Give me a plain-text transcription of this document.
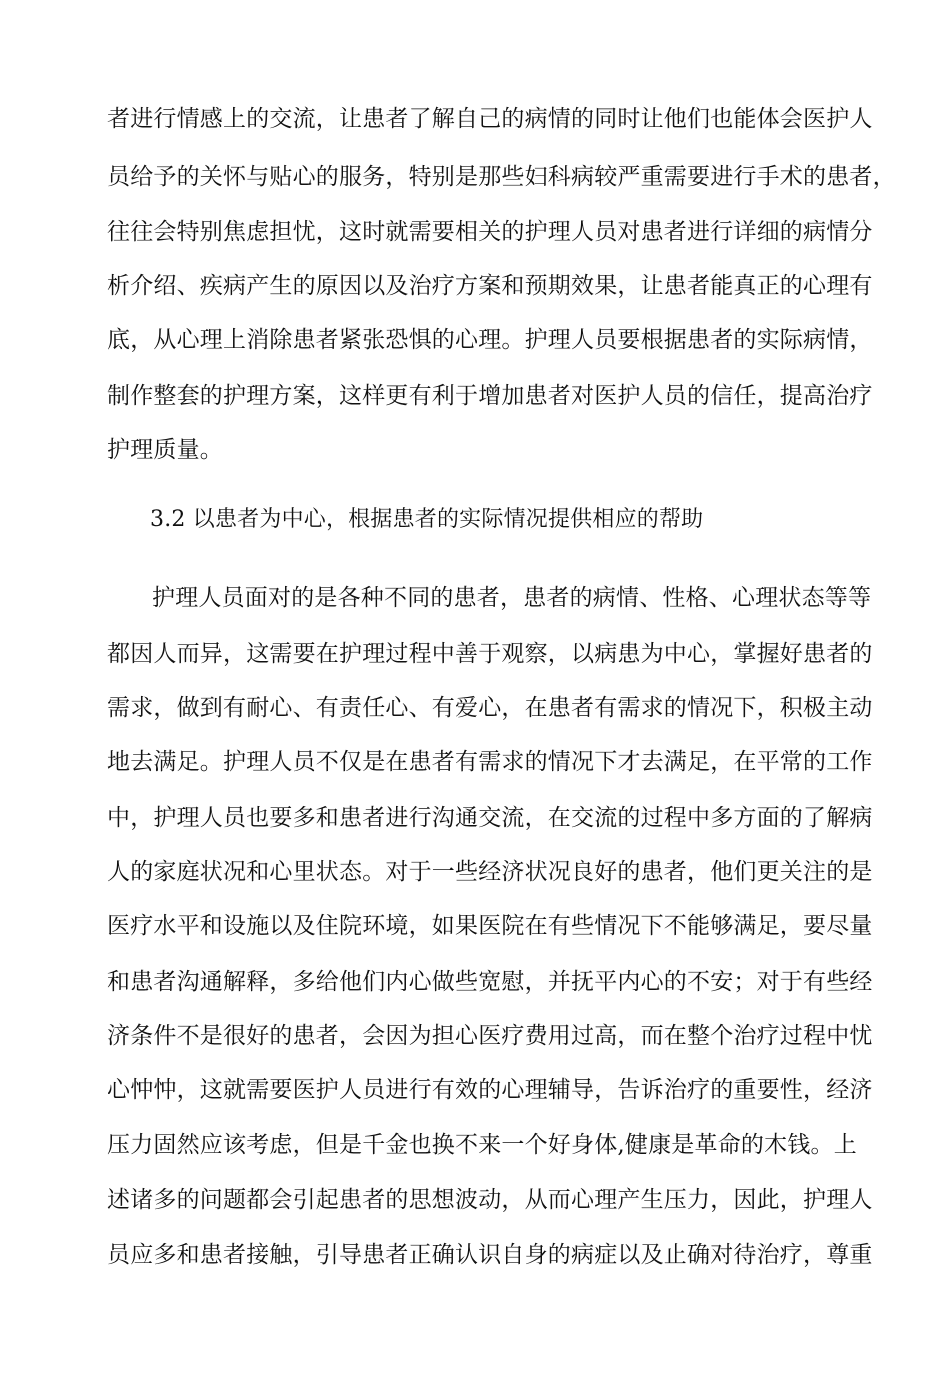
者进行情感上的交流，让患者了解自己的病情的同时让他们也能体会医护人
员给予的关怀与贴心的服务，特别是那些妇科病较严重需要进行手术的患者，
往往会特别焦虑担忧，这时就需要相关的护理人员对患者进行详细的病情分
析介绍、疾病产生的原因以及治疗方案和预期效果，让患者能真正的心理有
底，从心理上消除患者紧张恐惧的心理。护理人员要根据患者的实际病情，
制作整套的护理方案，这样更有利于增加患者对医护人员的信任，提高治疗
护理质量。
3.2 以患者为中心，根据患者的实际情况提供相应的帮助
护理人员面对的是各种不同的患者，患者的病情、性格、心理状态等等
都因人而异，这需要在护理过程中善于观察，以病患为中心，掌握好患者的
需求，做到有耐心、有责任心、有爱心，在患者有需求的情况下，积极主动
地去满足。护理人员不仅是在患者有需求的情况下才去满足，在平常的工作
中，护理人员也要多和患者进行沟通交流，在交流的过程中多方面的了解病
人的家庭状况和心里状态。对于一些经济状况良好的患者，他们更关注的是
医疗水平和设施以及住院环境，如果医院在有些情况下不能够满足，要尽量
和患者沟通解释，多给他们内心做些宽慰，并抚平内心的不安；对于有些经
济条件不是很好的患者，会因为担心医疗费用过高，而在整个治疗过程中忧
心忡忡，这就需要医护人员进行有效的心理辅导，告诉治疗的重要性，经济
压力固然应该考虑，但是千金也换不来一个好身体,健康是革命的木钱。上
述诸多的问题都会引起患者的思想波动，从而心理产生压力，因此，护理人
员应多和患者接触，引导患者正确认识自身的病症以及止确对待治疗，尊重
